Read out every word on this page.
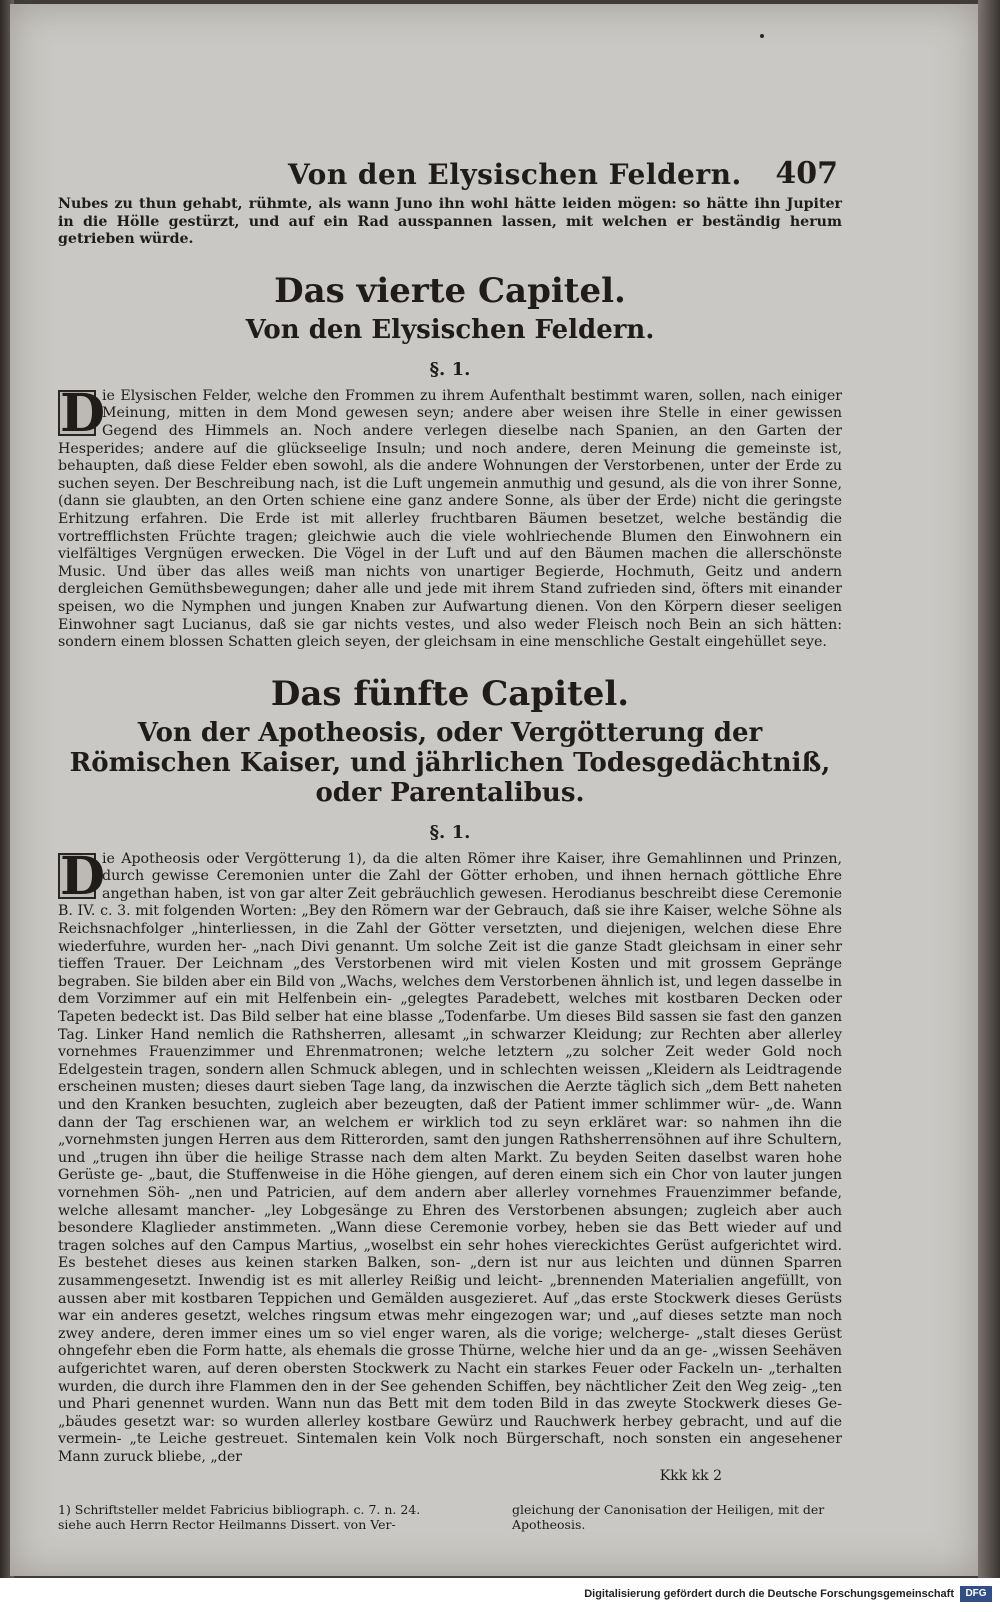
Von den Elysischen Feldern. 407

Nubes zu thun gehabt, rühmte, als wann Juno ihn wohl hätte leiden mögen: so hätte ihn Jupiter in die Hölle gestürzt, und auf ein Rad ausspannen lassen, mit welchen er beständig herum getrieben würde.

Das vierte Capitel.
Von den Elysischen Feldern.
§. 1.

D
ie Elysischen Felder, welche den Frommen zu ihrem Aufenthalt bestimmt waren, sollen, nach einiger Meinung, mitten in dem Mond gewesen seyn; andere aber weisen ihre Stelle in einer gewissen Gegend des Himmels an. Noch andere verlegen dieselbe nach Spanien, an den Garten der Hesperides; andere auf die glückseelige Insuln; und noch andere, deren Meinung die gemeinste ist, behaupten, daß diese Felder eben sowohl, als die andere Wohnungen der Verstorbenen, unter der Erde zu suchen seyen. Der Beschreibung nach, ist die Luft ungemein anmuthig und gesund, als die von ihrer Sonne, (dann sie glaubten, an den Orten schiene eine ganz andere Sonne, als über der Erde) nicht die geringste Erhitzung erfahren. Die Erde ist mit allerley fruchtbaren Bäumen besetzet, welche beständig die vortrefflichsten Früchte tragen; gleichwie auch die viele wohlriechende Blumen den Einwohnern ein vielfältiges Vergnügen erwecken. Die Vögel in der Luft und auf den Bäumen machen die allerschönste Music. Und über das alles weiß man nichts von unartiger Begierde, Hochmuth, Geitz und andern dergleichen Gemüthsbewegungen; daher alle und jede mit ihrem Stand zufrieden sind, öfters mit einander speisen, wo die Nymphen und jungen Knaben zur Aufwartung dienen. Von den Körpern dieser seeligen Einwohner sagt Lucianus, daß sie gar nichts vestes, und also weder Fleisch noch Bein an sich hätten: sondern einem blossen Schatten gleich seyen, der gleichsam in eine menschliche Gestalt eingehüllet seye.

Das fünfte Capitel.
Von der Apotheosis, oder Vergötterung der Römischen Kaiser, und jährlichen Todesgedächtniß, oder Parentalibus.
§. 1.

D
ie Apotheosis oder Vergötterung 1), da die alten Römer ihre Kaiser, ihre Gemahlinnen und Prinzen, durch gewisse Ceremonien unter die Zahl der Götter erhoben, und ihnen hernach göttliche Ehre angethan haben, ist von gar alter Zeit gebräuchlich gewesen. Herodianus beschreibt diese Ceremonie B. IV. c. 3. mit folgenden Worten: „Bey den Römern war der Gebrauch, daß sie ihre Kaiser, welche Söhne als Reichsnachfolger „hinterliessen, in die Zahl der Götter versetzten, und diejenigen, welchen diese Ehre wiederfuhre, wurden her- „nach Divi genannt. Um solche Zeit ist die ganze Stadt gleichsam in einer sehr tieffen Trauer. Der Leichnam „des Verstorbenen wird mit vielen Kosten und mit grossem Gepränge begraben. Sie bilden aber ein Bild von „Wachs, welches dem Verstorbenen ähnlich ist, und legen dasselbe in dem Vorzimmer auf ein mit Helfenbein ein- „gelegtes Paradebett, welches mit kostbaren Decken oder Tapeten bedeckt ist. Das Bild selber hat eine blasse „Todenfarbe. Um dieses Bild sassen sie fast den ganzen Tag. Linker Hand nemlich die Rathsherren, allesamt „in schwarzer Kleidung; zur Rechten aber allerley vornehmes Frauenzimmer und Ehrenmatronen; welche letztern „zu solcher Zeit weder Gold noch Edelgestein tragen, sondern allen Schmuck ablegen, und in schlechten weissen „Kleidern als Leidtragende erscheinen musten; dieses daurt sieben Tage lang, da inzwischen die Aerzte täglich sich „dem Bett naheten und den Kranken besuchten, zugleich aber bezeugten, daß der Patient immer schlimmer wür- „de. Wann dann der Tag erschienen war, an welchem er wirklich tod zu seyn erkläret war: so nahmen ihn die „vornehmsten jungen Herren aus dem Ritterorden, samt den jungen Rathsherrensöhnen auf ihre Schultern, und „trugen ihn über die heilige Strasse nach dem alten Markt. Zu beyden Seiten daselbst waren hohe Gerüste ge- „baut, die Stuffenweise in die Höhe giengen, auf deren einem sich ein Chor von lauter jungen vornehmen Söh- „nen und Patricien, auf dem andern aber allerley vornehmes Frauenzimmer befande, welche allesamt mancher- „ley Lobgesänge zu Ehren des Verstorbenen absungen; zugleich aber auch besondere Klaglieder anstimmeten. „Wann diese Ceremonie vorbey, heben sie das Bett wieder auf und tragen solches auf den Campus Martius, „woselbst ein sehr hohes viereckichtes Gerüst aufgerichtet wird. Es bestehet dieses aus keinen starken Balken, son- „dern ist nur aus leichten und dünnen Sparren zusammengesetzt. Inwendig ist es mit allerley Reißig und leicht- „brennenden Materialien angefüllt, von aussen aber mit kostbaren Teppichen und Gemälden ausgezieret. Auf „das erste Stockwerk dieses Gerüsts war ein anderes gesetzt, welches ringsum etwas mehr eingezogen war; und „auf dieses setzte man noch zwey andere, deren immer eines um so viel enger waren, als die vorige; welcherge- „stalt dieses Gerüst ohngefehr eben die Form hatte, als ehemals die grosse Thürne, welche hier und da an ge- „wissen Seehäven aufgerichtet waren, auf deren obersten Stockwerk zu Nacht ein starkes Feuer oder Fackeln un- „terhalten wurden, die durch ihre Flammen den in der See gehenden Schiffen, bey nächtlicher Zeit den Weg zeig- „ten und Phari genennet wurden. Wann nun das Bett mit dem toden Bild in das zweyte Stockwerk dieses Ge- „bäudes gesetzt war: so wurden allerley kostbare Gewürz und Rauchwerk herbey gebracht, und auf die vermein- „te Leiche gestreuet. Sintemalen kein Volk noch Bürgerschaft, noch sonsten ein angesehener Mann zuruck bliebe, „der

Kkk kk 2
1) Schriftsteller meldet Fabricius bibliograph. c. 7. n. 24. siehe auch Herrn Rector Heilmanns Dissert. von Ver-
gleichung der Canonisation der Heiligen, mit der Apotheosis.
Digitalisierung gefördert durch die Deutsche Forschungsgemeinschaft	DFG
